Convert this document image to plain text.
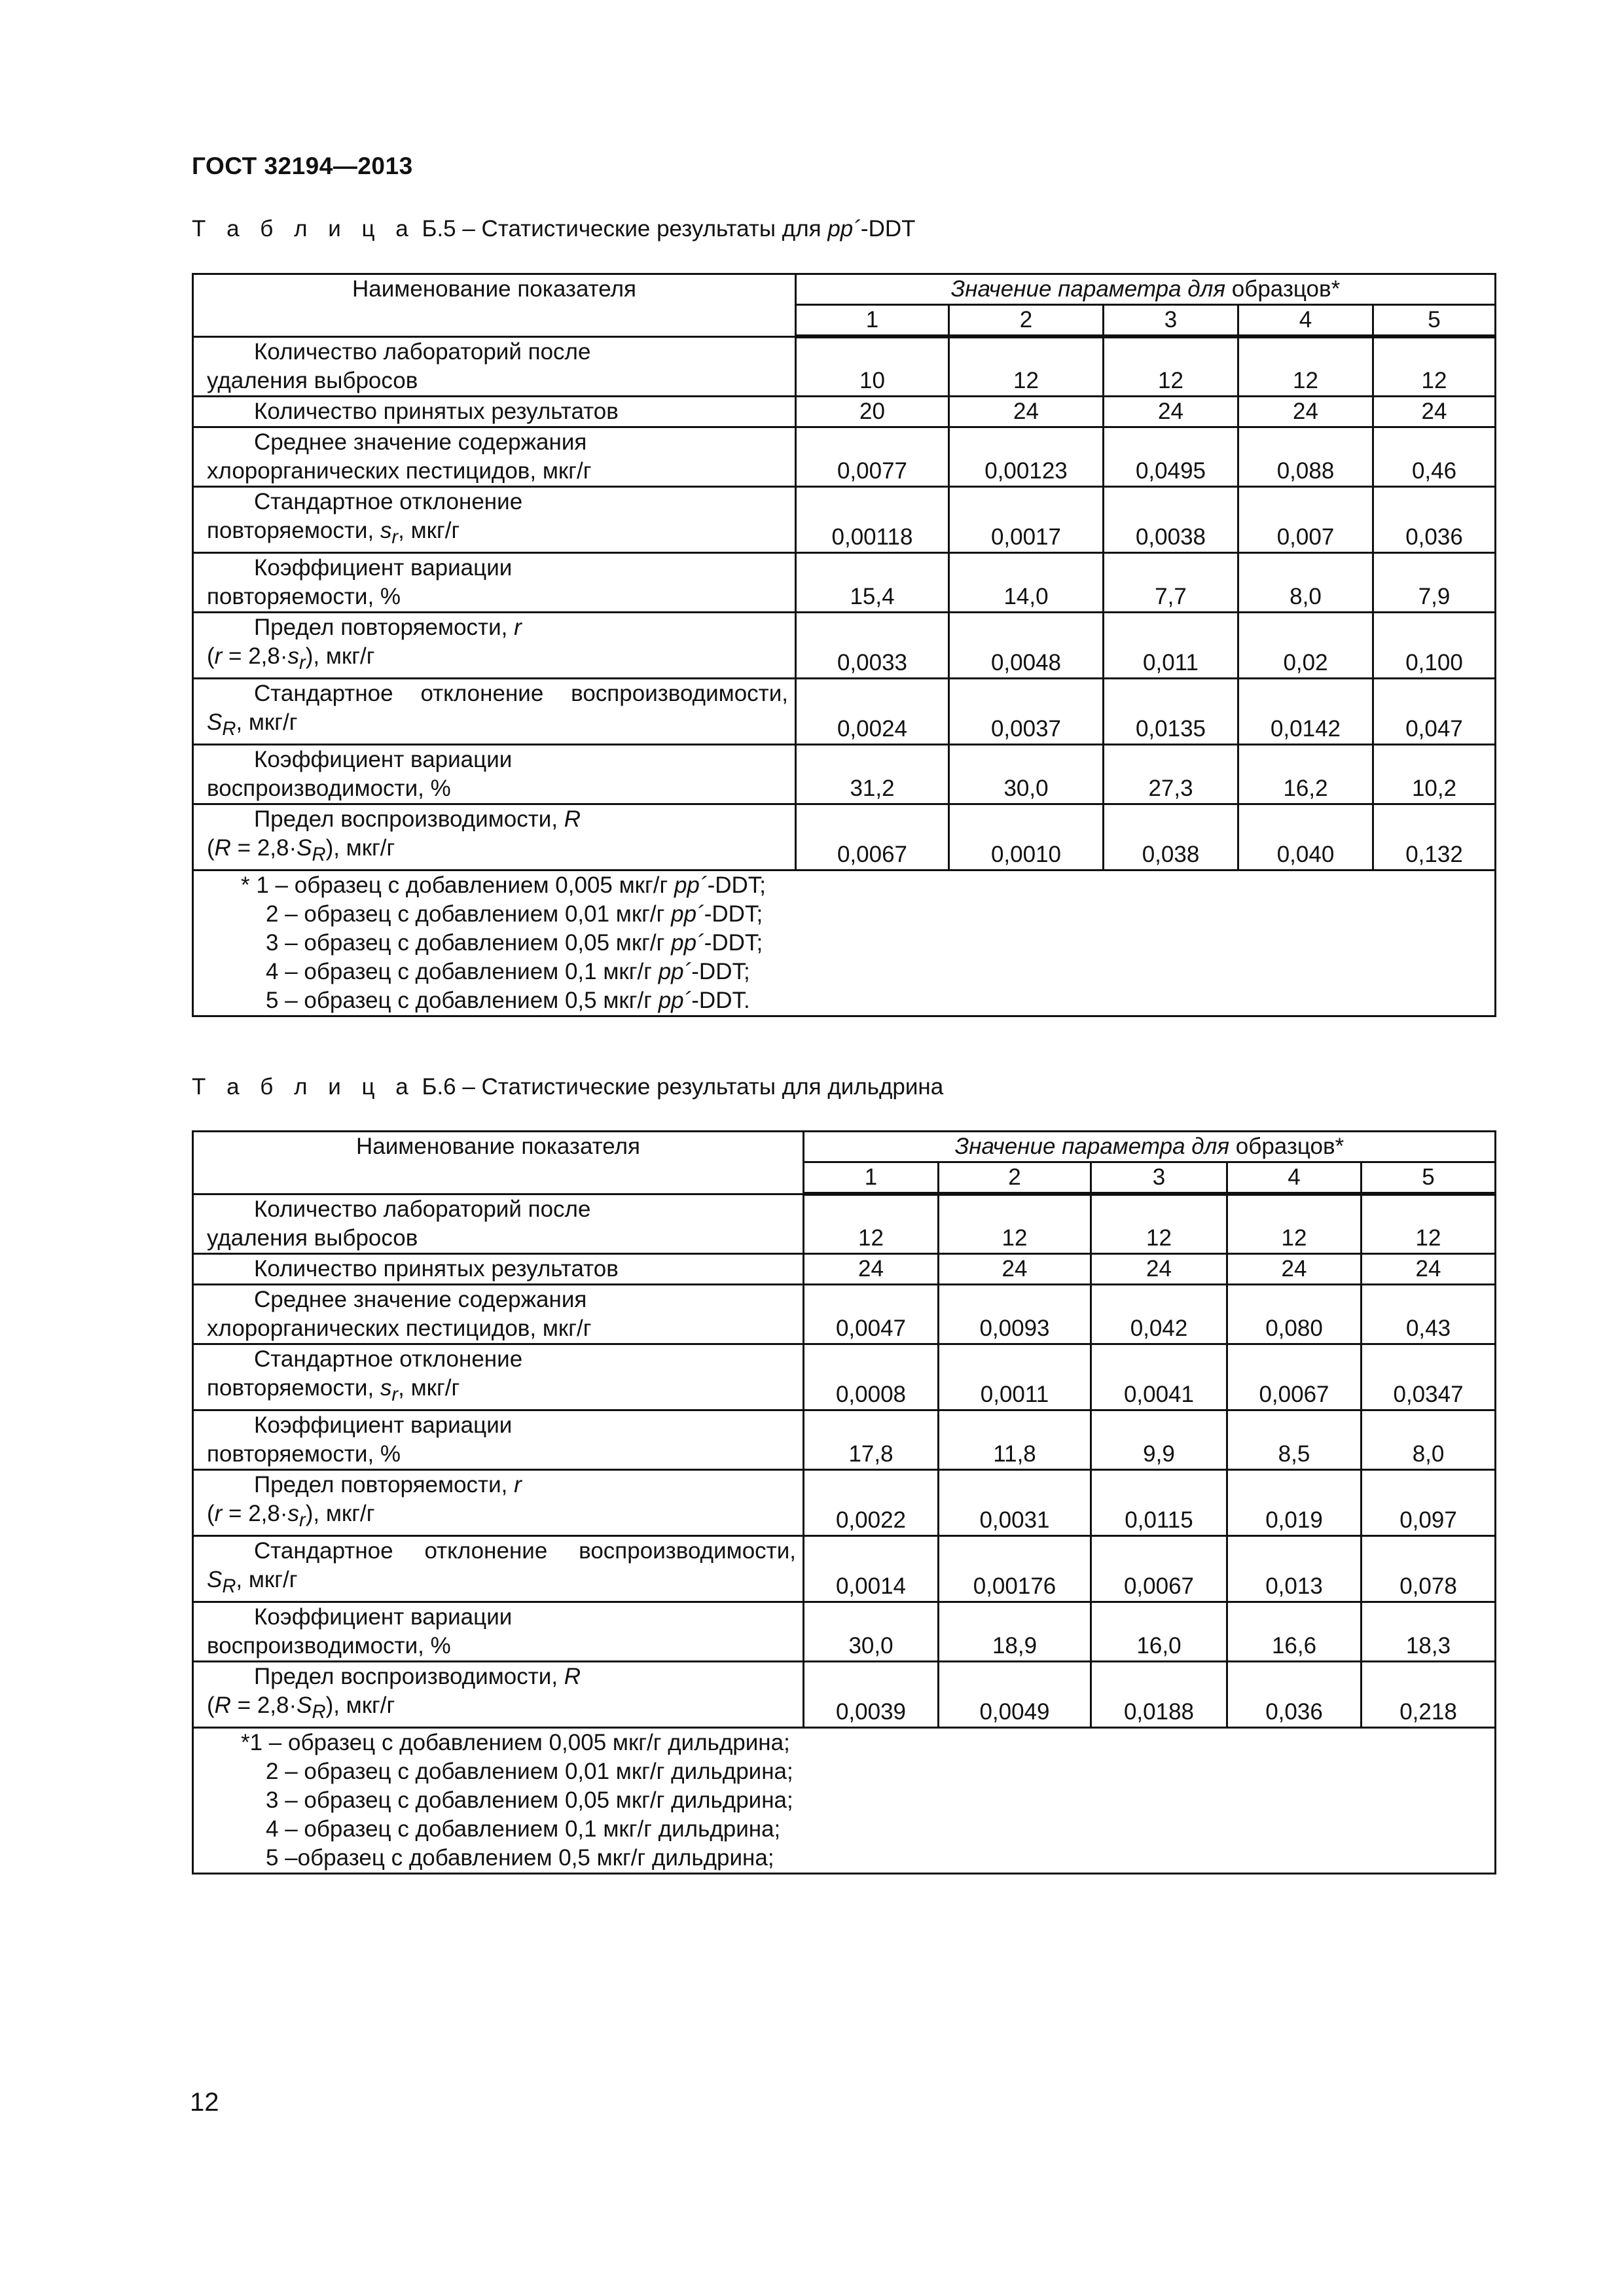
ГОСТ 32194—2013
Т а б л и ц а Б.5 – Статистические результаты для pp´-DDT
Наименование показателя	Значение параметра для образцов*				
	1	2	3	4	5

Количество лабораторий после
удаления выбросов	10	12	12	12	12

Количество принятых результатов	20	24	24	24	24

Среднее значение содержания
хлорорганических пестицидов, мкг/г	0,0077	0,00123	0,0495	0,088	0,46

Стандартное отклонение
повторяемости, $s_r$, мкг/г	0,00118	0,0017	0,0038	0,007	0,036

Коэффициент вариации
повторяемости, %	15,4	14,0	7,7	8,0	7,9

Предел повторяемости, r
$(r = 2,8\cdot s_r)$, мкг/г	0,0033	0,0048	0,011	0,02	0,100

Стандартное отклонение воспроизводимости,
$S_R$, мкг/г	0,0024	0,0037	0,0135	0,0142	0,047

Коэффициент вариации
воспроизводимости, %	31,2	30,0	27,3	16,2	10,2

Предел воспроизводимости, R
$(R = 2,8\cdot S_R)$, мкг/г	0,0067	0,0010	0,038	0,040	0,132

* 1 – образец с добавлением 0,005 мкг/г pp´-DDT;
2 – образец с добавлением 0,01 мкг/г pp´-DDT;
3 – образец с добавлением 0,05 мкг/г pp´-DDT;
4 – образец с добавлением 0,1 мкг/г pp´-DDT;
5 – образец с добавлением 0,5 мкг/г pp´-DDT.					
Т а б л и ц а Б.6 – Статистические результаты для дильдрина
Наименование показателя	Значение параметра для образцов*				
	1	2	3	4	5

Количество лабораторий после
удаления выбросов	12	12	12	12	12

Количество принятых результатов	24	24	24	24	24

Среднее значение содержания
хлорорганических пестицидов, мкг/г	0,0047	0,0093	0,042	0,080	0,43

Стандартное отклонение
повторяемости, $s_r$, мкг/г	0,0008	0,0011	0,0041	0,0067	0,0347

Коэффициент вариации
повторяемости, %	17,8	11,8	9,9	8,5	8,0

Предел повторяемости, r
$(r = 2,8\cdot s_r)$, мкг/г	0,0022	0,0031	0,0115	0,019	0,097

Стандартное отклонение воспроизводимости,
$S_R$, мкг/г	0,0014	0,00176	0,0067	0,013	0,078

Коэффициент вариации
воспроизводимости, %	30,0	18,9	16,0	16,6	18,3

Предел воспроизводимости, R
$(R = 2,8\cdot S_R)$, мкг/г	0,0039	0,0049	0,0188	0,036	0,218

*1 – образец с добавлением 0,005 мкг/г дильдрина;
2 – образец с добавлением 0,01 мкг/г дильдрина;
3 – образец с добавлением 0,05 мкг/г дильдрина;
4 – образец с добавлением 0,1 мкг/г дильдрина;
5 –образец с добавлением 0,5 мкг/г дильдрина;					
12
